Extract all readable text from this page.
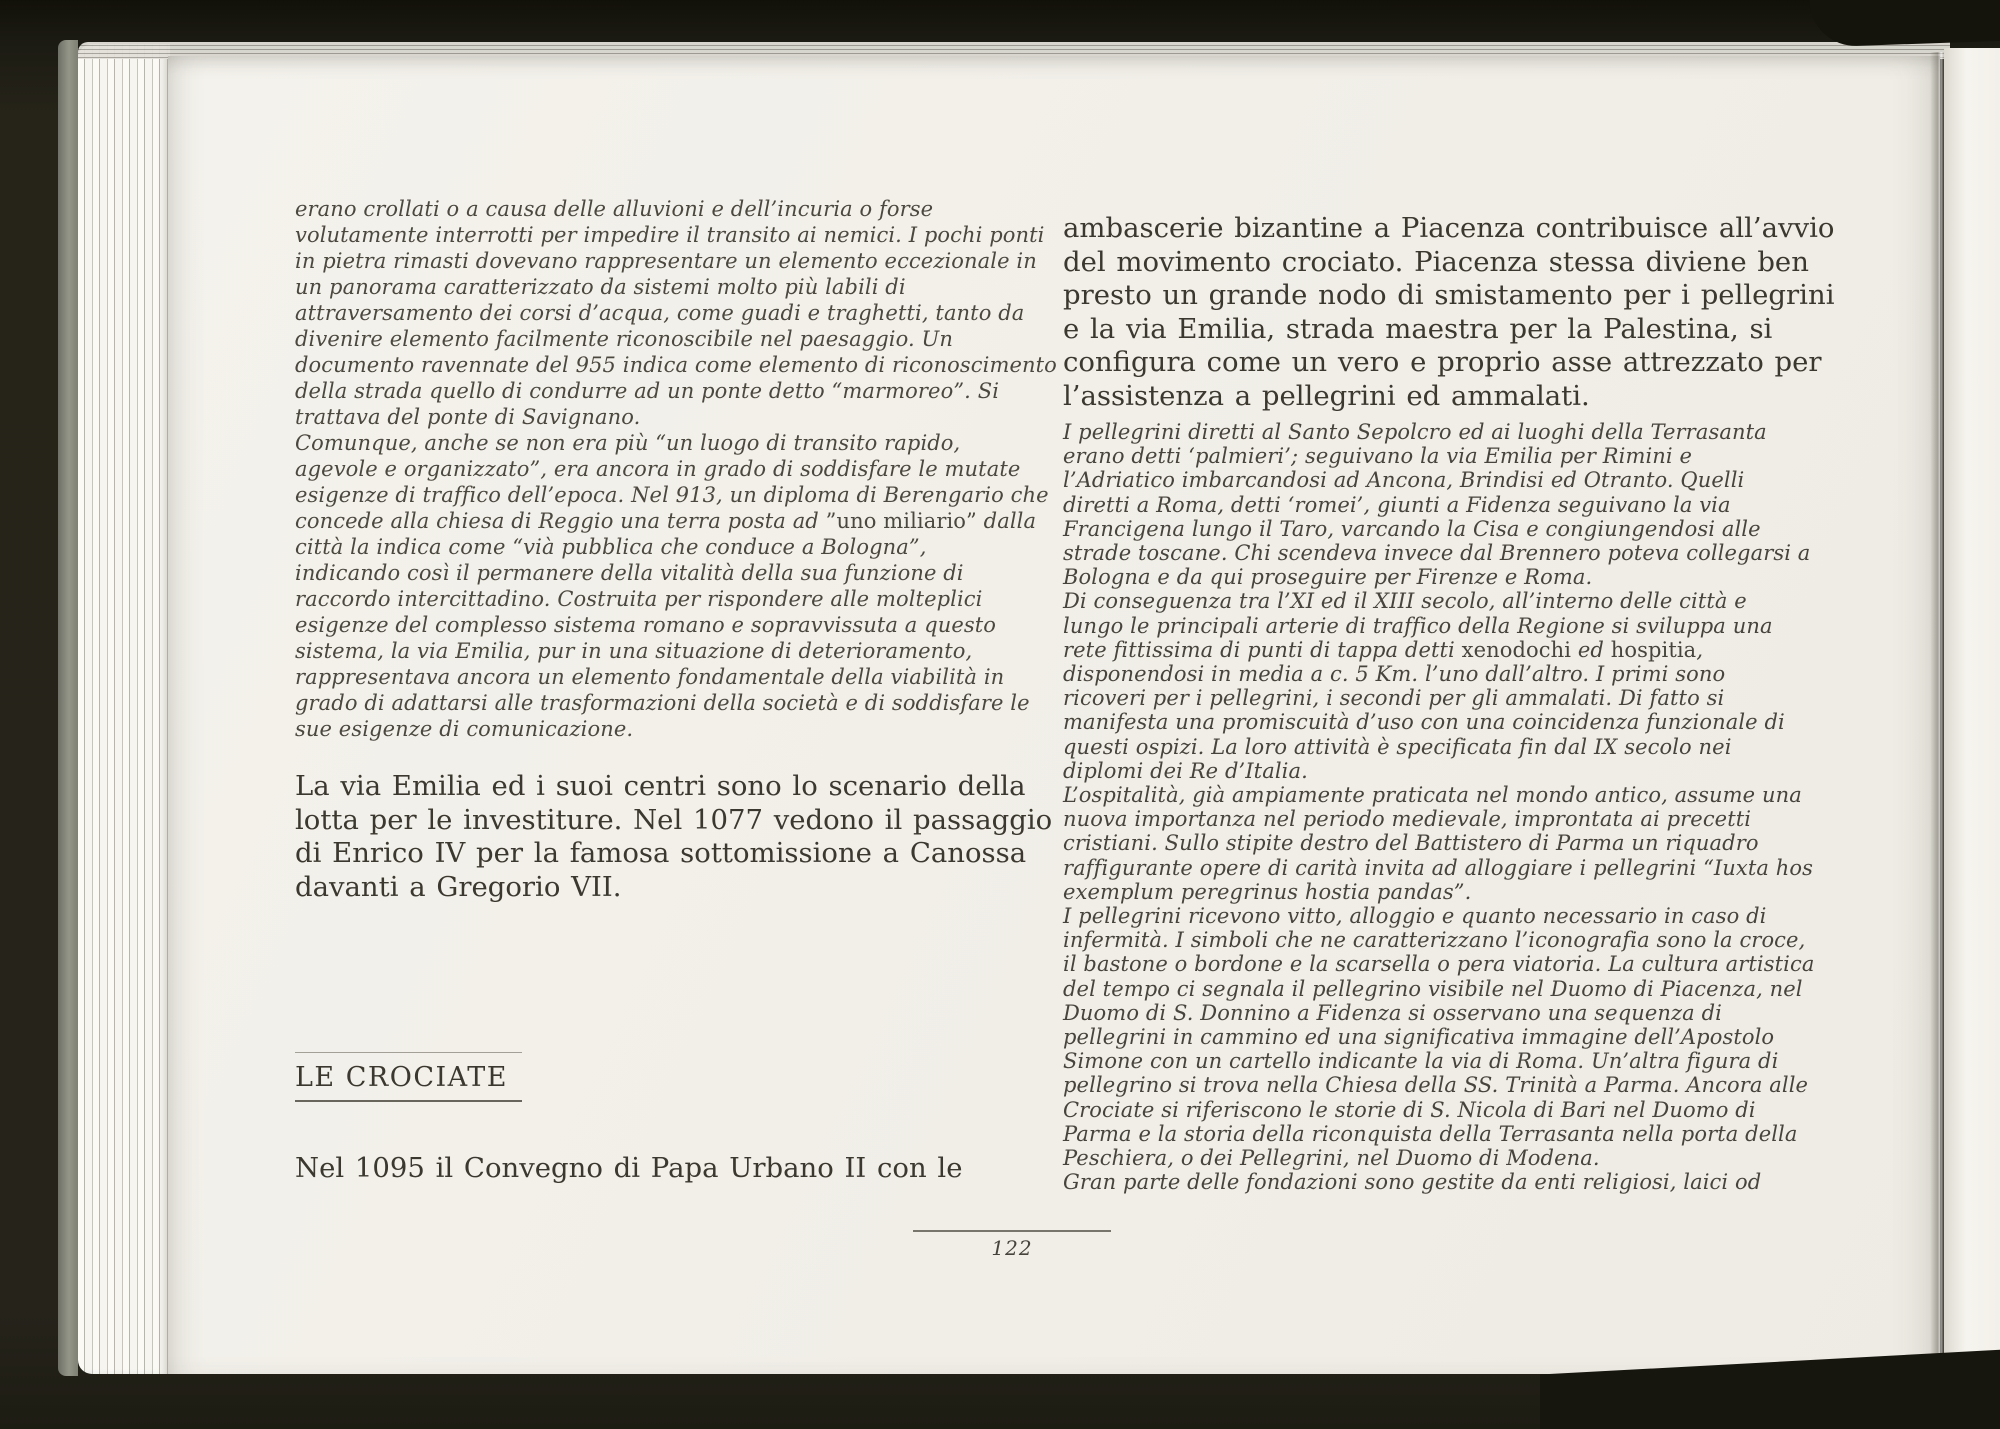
erano crollati o a causa delle alluvioni e dell’incuria o forse
volutamente interrotti per impedire il transito ai nemici. I pochi ponti
in pietra rimasti dovevano rappresentare un elemento eccezionale in
un panorama caratterizzato da sistemi molto più labili di
attraversamento dei corsi d’acqua, come guadi e traghetti, tanto da
divenire elemento facilmente riconoscibile nel paesaggio. Un
documento ravennate del 955 indica come elemento di riconoscimento
della strada quello di condurre ad un ponte detto “marmoreo”. Si
trattava del ponte di Savignano.
Comunque, anche se non era più “un luogo di transito rapido,
agevole e organizzato”, era ancora in grado di soddisfare le mutate
esigenze di traffico dell’epoca. Nel 913, un diploma di Berengario che
concede alla chiesa di Reggio una terra posta ad ”uno miliario” dalla
città la indica come “vià pubblica che conduce a Bologna”,
indicando così il permanere della vitalità della sua funzione di
raccordo intercittadino. Costruita per rispondere alle molteplici
esigenze del complesso sistema romano e sopravvissuta a questo
sistema, la via Emilia, pur in una situazione di deterioramento,
rappresentava ancora un elemento fondamentale della viabilità in
grado di adattarsi alle trasformazioni della società e di soddisfare le
sue esigenze di comunicazione.
La via Emilia ed i suoi centri sono lo scenario della
lotta per le investiture. Nel 1077 vedono il passaggio
di Enrico IV per la famosa sottomissione a Canossa
davanti a Gregorio VII.
LE CROCIATE
Nel 1095 il Convegno di Papa Urbano II con le
ambascerie bizantine a Piacenza contribuisce all’avvio
del movimento crociato. Piacenza stessa diviene ben
presto un grande nodo di smistamento per i pellegrini
e la via Emilia, strada maestra per la Palestina, si
configura come un vero e proprio asse attrezzato per
l’assistenza a pellegrini ed ammalati.
I pellegrini diretti al Santo Sepolcro ed ai luoghi della Terrasanta
erano detti ‘palmieri’; seguivano la via Emilia per Rimini e
l’Adriatico imbarcandosi ad Ancona, Brindisi ed Otranto. Quelli
diretti a Roma, detti ‘romei’, giunti a Fidenza seguivano la via
Francigena lungo il Taro, varcando la Cisa e congiungendosi alle
strade toscane. Chi scendeva invece dal Brennero poteva collegarsi a
Bologna e da qui proseguire per Firenze e Roma.
Di conseguenza tra l’XI ed il XIII secolo, all’interno delle città e
lungo le principali arterie di traffico della Regione si sviluppa una
rete fittissima di punti di tappa detti xenodochi ed hospitia,
disponendosi in media a c. 5 Km. l’uno dall’altro. I primi sono
ricoveri per i pellegrini, i secondi per gli ammalati. Di fatto si
manifesta una promiscuità d’uso con una coincidenza funzionale di
questi ospizi. La loro attività è specificata fin dal IX secolo nei
diplomi dei Re d’Italia.
L’ospitalità, già ampiamente praticata nel mondo antico, assume una
nuova importanza nel periodo medievale, improntata ai precetti
cristiani. Sullo stipite destro del Battistero di Parma un riquadro
raffigurante opere di carità invita ad alloggiare i pellegrini “Iuxta hos
exemplum peregrinus hostia pandas”.
I pellegrini ricevono vitto, alloggio e quanto necessario in caso di
infermità. I simboli che ne caratterizzano l’iconografia sono la croce,
il bastone o bordone e la scarsella o pera viatoria. La cultura artistica
del tempo ci segnala il pellegrino visibile nel Duomo di Piacenza, nel
Duomo di S. Donnino a Fidenza si osservano una sequenza di
pellegrini in cammino ed una significativa immagine dell’Apostolo
Simone con un cartello indicante la via di Roma. Un’altra figura di
pellegrino si trova nella Chiesa della SS. Trinità a Parma. Ancora alle
Crociate si riferiscono le storie di S. Nicola di Bari nel Duomo di
Parma e la storia della riconquista della Terrasanta nella porta della
Peschiera, o dei Pellegrini, nel Duomo di Modena.
Gran parte delle fondazioni sono gestite da enti religiosi, laici od
122
